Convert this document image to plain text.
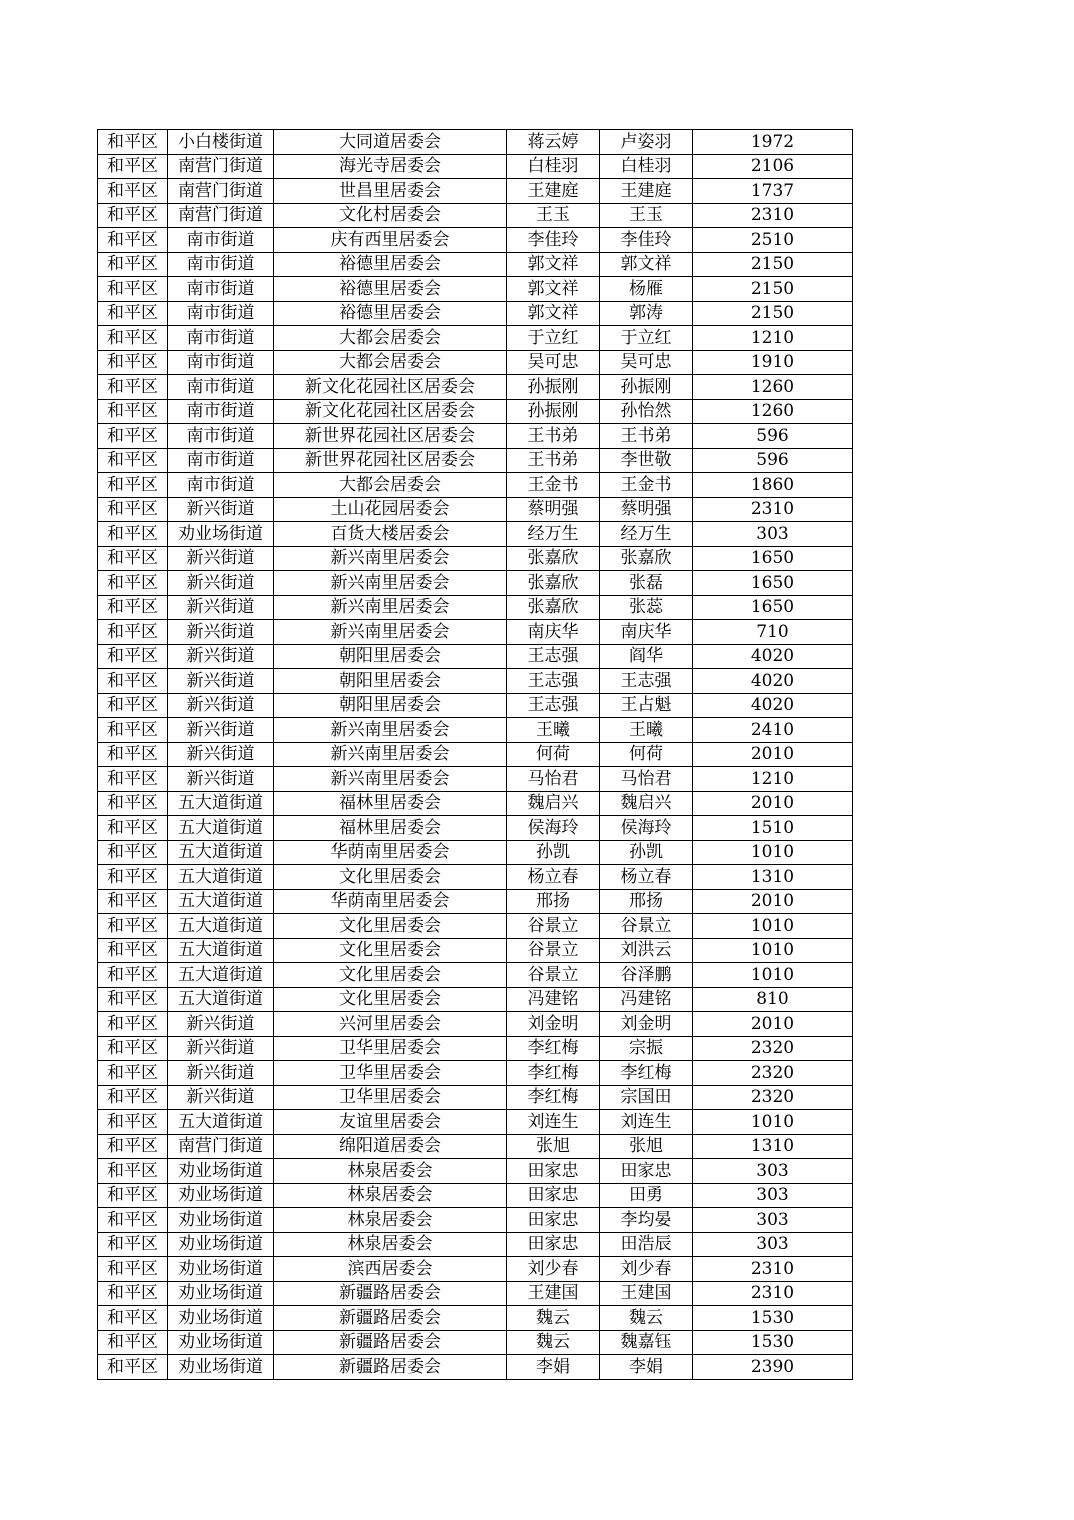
和平区	小白楼街道	大同道居委会	蒋云婷	卢姿羽	1972
和平区	南营门街道	海光寺居委会	白桂羽	白桂羽	2106
和平区	南营门街道	世昌里居委会	王建庭	王建庭	1737
和平区	南营门街道	文化村居委会	王玉	王玉	2310
和平区	南市街道	庆有西里居委会	李佳玲	李佳玲	2510
和平区	南市街道	裕德里居委会	郭文祥	郭文祥	2150
和平区	南市街道	裕德里居委会	郭文祥	杨雁	2150
和平区	南市街道	裕德里居委会	郭文祥	郭涛	2150
和平区	南市街道	大都会居委会	于立红	于立红	1210
和平区	南市街道	大都会居委会	吴可忠	吴可忠	1910
和平区	南市街道	新文化花园社区居委会	孙振刚	孙振刚	1260
和平区	南市街道	新文化花园社区居委会	孙振刚	孙怡然	1260
和平区	南市街道	新世界花园社区居委会	王书弟	王书弟	596
和平区	南市街道	新世界花园社区居委会	王书弟	李世敬	596
和平区	南市街道	大都会居委会	王金书	王金书	1860
和平区	新兴街道	土山花园居委会	蔡明强	蔡明强	2310
和平区	劝业场街道	百货大楼居委会	经万生	经万生	303
和平区	新兴街道	新兴南里居委会	张嘉欣	张嘉欣	1650
和平区	新兴街道	新兴南里居委会	张嘉欣	张磊	1650
和平区	新兴街道	新兴南里居委会	张嘉欣	张蕊	1650
和平区	新兴街道	新兴南里居委会	南庆华	南庆华	710
和平区	新兴街道	朝阳里居委会	王志强	阎华	4020
和平区	新兴街道	朝阳里居委会	王志强	王志强	4020
和平区	新兴街道	朝阳里居委会	王志强	王占魁	4020
和平区	新兴街道	新兴南里居委会	王曦	王曦	2410
和平区	新兴街道	新兴南里居委会	何荷	何荷	2010
和平区	新兴街道	新兴南里居委会	马怡君	马怡君	1210
和平区	五大道街道	福林里居委会	魏启兴	魏启兴	2010
和平区	五大道街道	福林里居委会	侯海玲	侯海玲	1510
和平区	五大道街道	华荫南里居委会	孙凯	孙凯	1010
和平区	五大道街道	文化里居委会	杨立春	杨立春	1310
和平区	五大道街道	华荫南里居委会	邢扬	邢扬	2010
和平区	五大道街道	文化里居委会	谷景立	谷景立	1010
和平区	五大道街道	文化里居委会	谷景立	刘洪云	1010
和平区	五大道街道	文化里居委会	谷景立	谷泽鹏	1010
和平区	五大道街道	文化里居委会	冯建铭	冯建铭	810
和平区	新兴街道	兴河里居委会	刘金明	刘金明	2010
和平区	新兴街道	卫华里居委会	李红梅	宗振	2320
和平区	新兴街道	卫华里居委会	李红梅	李红梅	2320
和平区	新兴街道	卫华里居委会	李红梅	宗国田	2320
和平区	五大道街道	友谊里居委会	刘连生	刘连生	1010
和平区	南营门街道	绵阳道居委会	张旭	张旭	1310
和平区	劝业场街道	林泉居委会	田家忠	田家忠	303
和平区	劝业场街道	林泉居委会	田家忠	田勇	303
和平区	劝业场街道	林泉居委会	田家忠	李均晏	303
和平区	劝业场街道	林泉居委会	田家忠	田浩辰	303
和平区	劝业场街道	滨西居委会	刘少春	刘少春	2310
和平区	劝业场街道	新疆路居委会	王建国	王建国	2310
和平区	劝业场街道	新疆路居委会	魏云	魏云	1530
和平区	劝业场街道	新疆路居委会	魏云	魏嘉钰	1530
和平区	劝业场街道	新疆路居委会	李娟	李娟	2390
